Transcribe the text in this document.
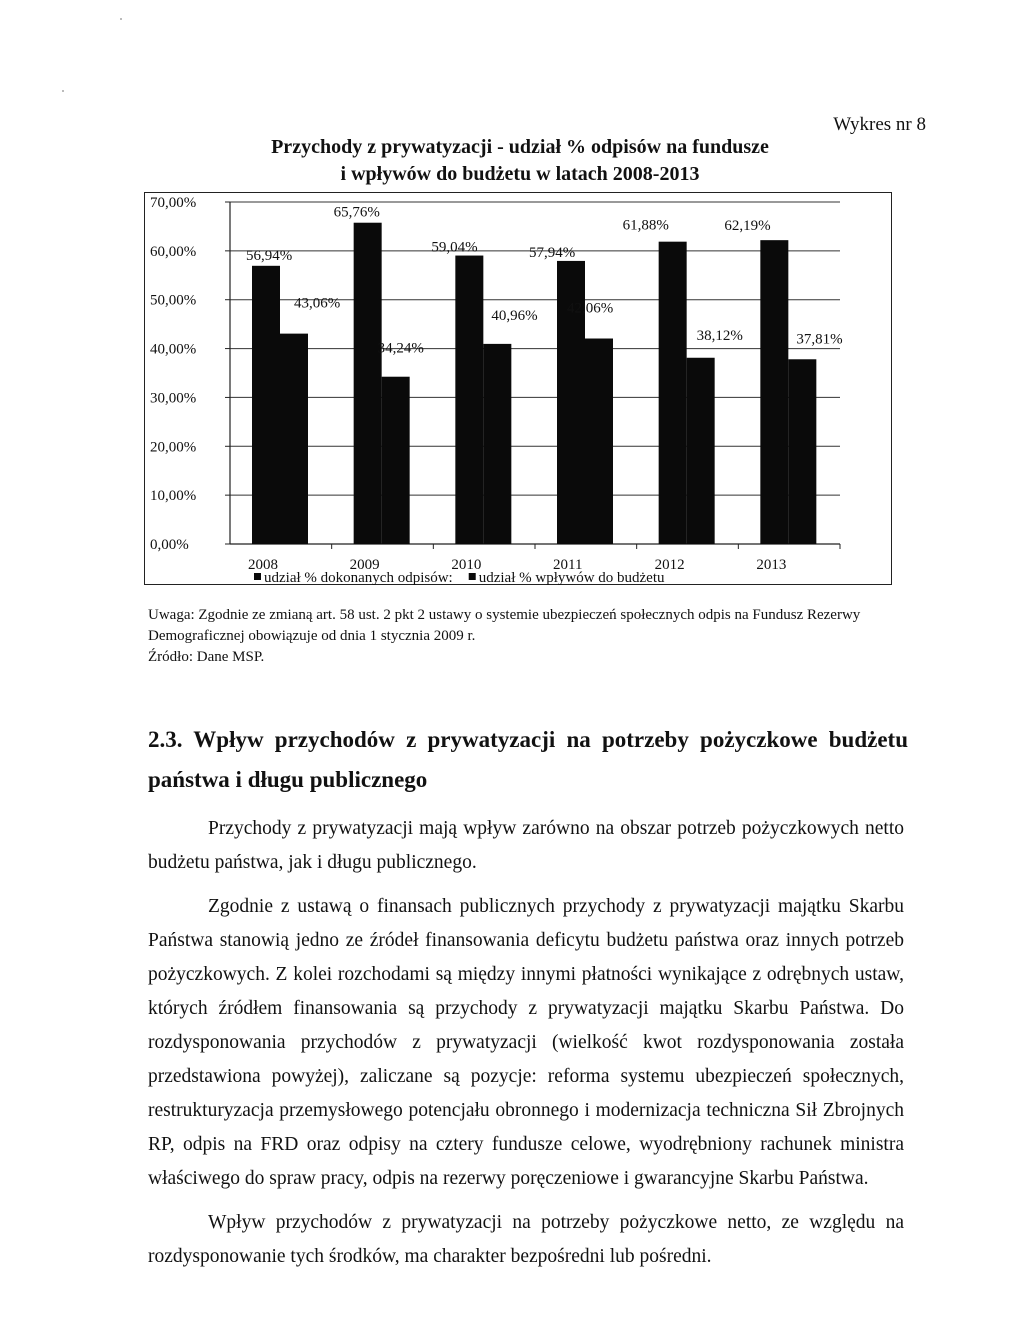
Wykres nr 8
Przychody z prywatyzacji - udział % odpisów na fundusze
i wpływów do budżetu w latach 2008-2013
0,00%
10,00%
20,00%
30,00%
40,00%
50,00%
60,00%
70,00%
2008	2009	2010	2011	2012	2013
56,94%
43,06%
65,76%
34,24%
59,04%
40,96%
57,94%
42,06%
61,88%
38,12%
62,19%
37,81%
udział % dokonanych odpisów: udział % wpływów do budżetu
Uwaga: Zgodnie ze zmianą art. 58 ust. 2 pkt 2 ustawy o systemie ubezpieczeń społecznych odpis na Fundusz Rezerwy Demograficznej obowiązuje od dnia 1 stycznia 2009 r.
Źródło: Dane MSP.
2.3. Wpływ przychodów z prywatyzacji na potrzeby pożyczkowe budżetu państwa i długu publicznego

Przychody z prywatyzacji mają wpływ zarówno na obszar potrzeb pożyczkowych netto budżetu państwa, jak i długu publicznego.

Zgodnie z ustawą o finansach publicznych przychody z prywatyzacji majątku Skarbu Państwa stanowią jedno ze źródeł finansowania deficytu budżetu państwa oraz innych potrzeb pożyczkowych. Z kolei rozchodami są między innymi płatności wynikające z odrębnych ustaw, których źródłem finansowania są przychody z prywatyzacji majątku Skarbu Państwa. Do rozdysponowania przychodów z prywatyzacji (wielkość kwot rozdysponowania została przedstawiona powyżej), zaliczane są pozycje: reforma systemu ubezpieczeń społecznych, restrukturyzacja przemysłowego potencjału obronnego i modernizacja techniczna Sił Zbrojnych RP, odpis na FRD oraz odpisy na cztery fundusze celowe, wyodrębniony rachunek ministra właściwego do spraw pracy, odpis na rezerwy poręczeniowe i gwarancyjne Skarbu Państwa.

Wpływ przychodów z prywatyzacji na potrzeby pożyczkowe netto, ze względu na rozdysponowanie tych środków, ma charakter bezpośredni lub pośredni.
